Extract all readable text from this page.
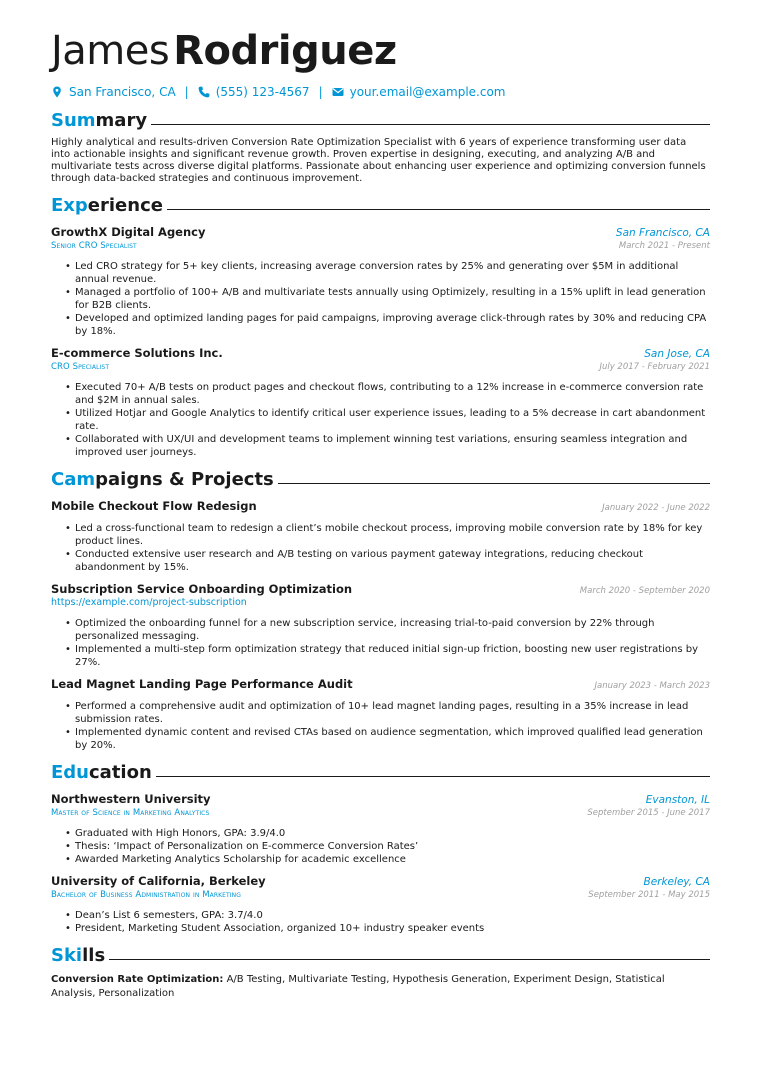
James Rodriguez
San Francisco, CA | (555) 123-4567 | your.email@example.com
Summary

Highly analytical and results-driven Conversion Rate Optimization Specialist with 6 years of experience transforming user data into actionable insights and significant revenue growth. Proven expertise in designing, executing, and analyzing A/B and multivariate tests across diverse digital platforms. Passionate about enhancing user experience and optimizing conversion funnels through data-backed strategies and continuous improvement.

Experience
GrowthX Digital Agency	San Francisco, CA
Senior CRO Specialist	March 2021 - Present
• Led CRO strategy for 5+ key clients, increasing average conversion rates by 25% and generating over $5M in additional annual revenue.
• Managed a portfolio of 100+ A/B and multivariate tests annually using Optimizely, resulting in a 15% uplift in lead generation for B2B clients.
• Developed and optimized landing pages for paid campaigns, improving average click-through rates by 30% and reducing CPA by 18%.
E-commerce Solutions Inc.	San Jose, CA
CRO Specialist	July 2017 - February 2021
• Executed 70+ A/B tests on product pages and checkout flows, contributing to a 12% increase in e-commerce conversion rate and $2M in annual sales.
• Utilized Hotjar and Google Analytics to identify critical user experience issues, leading to a 5% decrease in cart abandonment rate.
• Collaborated with UX/UI and development teams to implement winning test variations, ensuring seamless integration and improved user journeys.
Campaigns & Projects
Mobile Checkout Flow Redesign	January 2022 - June 2022
• Led a cross-functional team to redesign a client’s mobile checkout process, improving mobile conversion rate by 18% for key product lines.
• Conducted extensive user research and A/B testing on various payment gateway integrations, reducing checkout abandonment by 15%.
Subscription Service Onboarding Optimization	March 2020 - September 2020
https://example.com/project-subscription
• Optimized the onboarding funnel for a new subscription service, increasing trial-to-paid conversion by 22% through personalized messaging.
• Implemented a multi-step form optimization strategy that reduced initial sign-up friction, boosting new user registrations by 27%.
Lead Magnet Landing Page Performance Audit	January 2023 - March 2023
• Performed a comprehensive audit and optimization of 10+ lead magnet landing pages, resulting in a 35% increase in lead submission rates.
• Implemented dynamic content and revised CTAs based on audience segmentation, which improved qualified lead generation by 20%.
Education
Northwestern University	Evanston, IL
Master of Science in Marketing Analytics	September 2015 - June 2017
• Graduated with High Honors, GPA: 3.9/4.0
• Thesis: ‘Impact of Personalization on E-commerce Conversion Rates’
• Awarded Marketing Analytics Scholarship for academic excellence
University of California, Berkeley	Berkeley, CA
Bachelor of Business Administration in Marketing	September 2011 - May 2015
• Dean’s List 6 semesters, GPA: 3.7/4.0
• President, Marketing Student Association, organized 10+ industry speaker events
Skills

Conversion Rate Optimization: A/B Testing, Multivariate Testing, Hypothesis Generation, Experiment Design, Statistical Analysis, Personalization
